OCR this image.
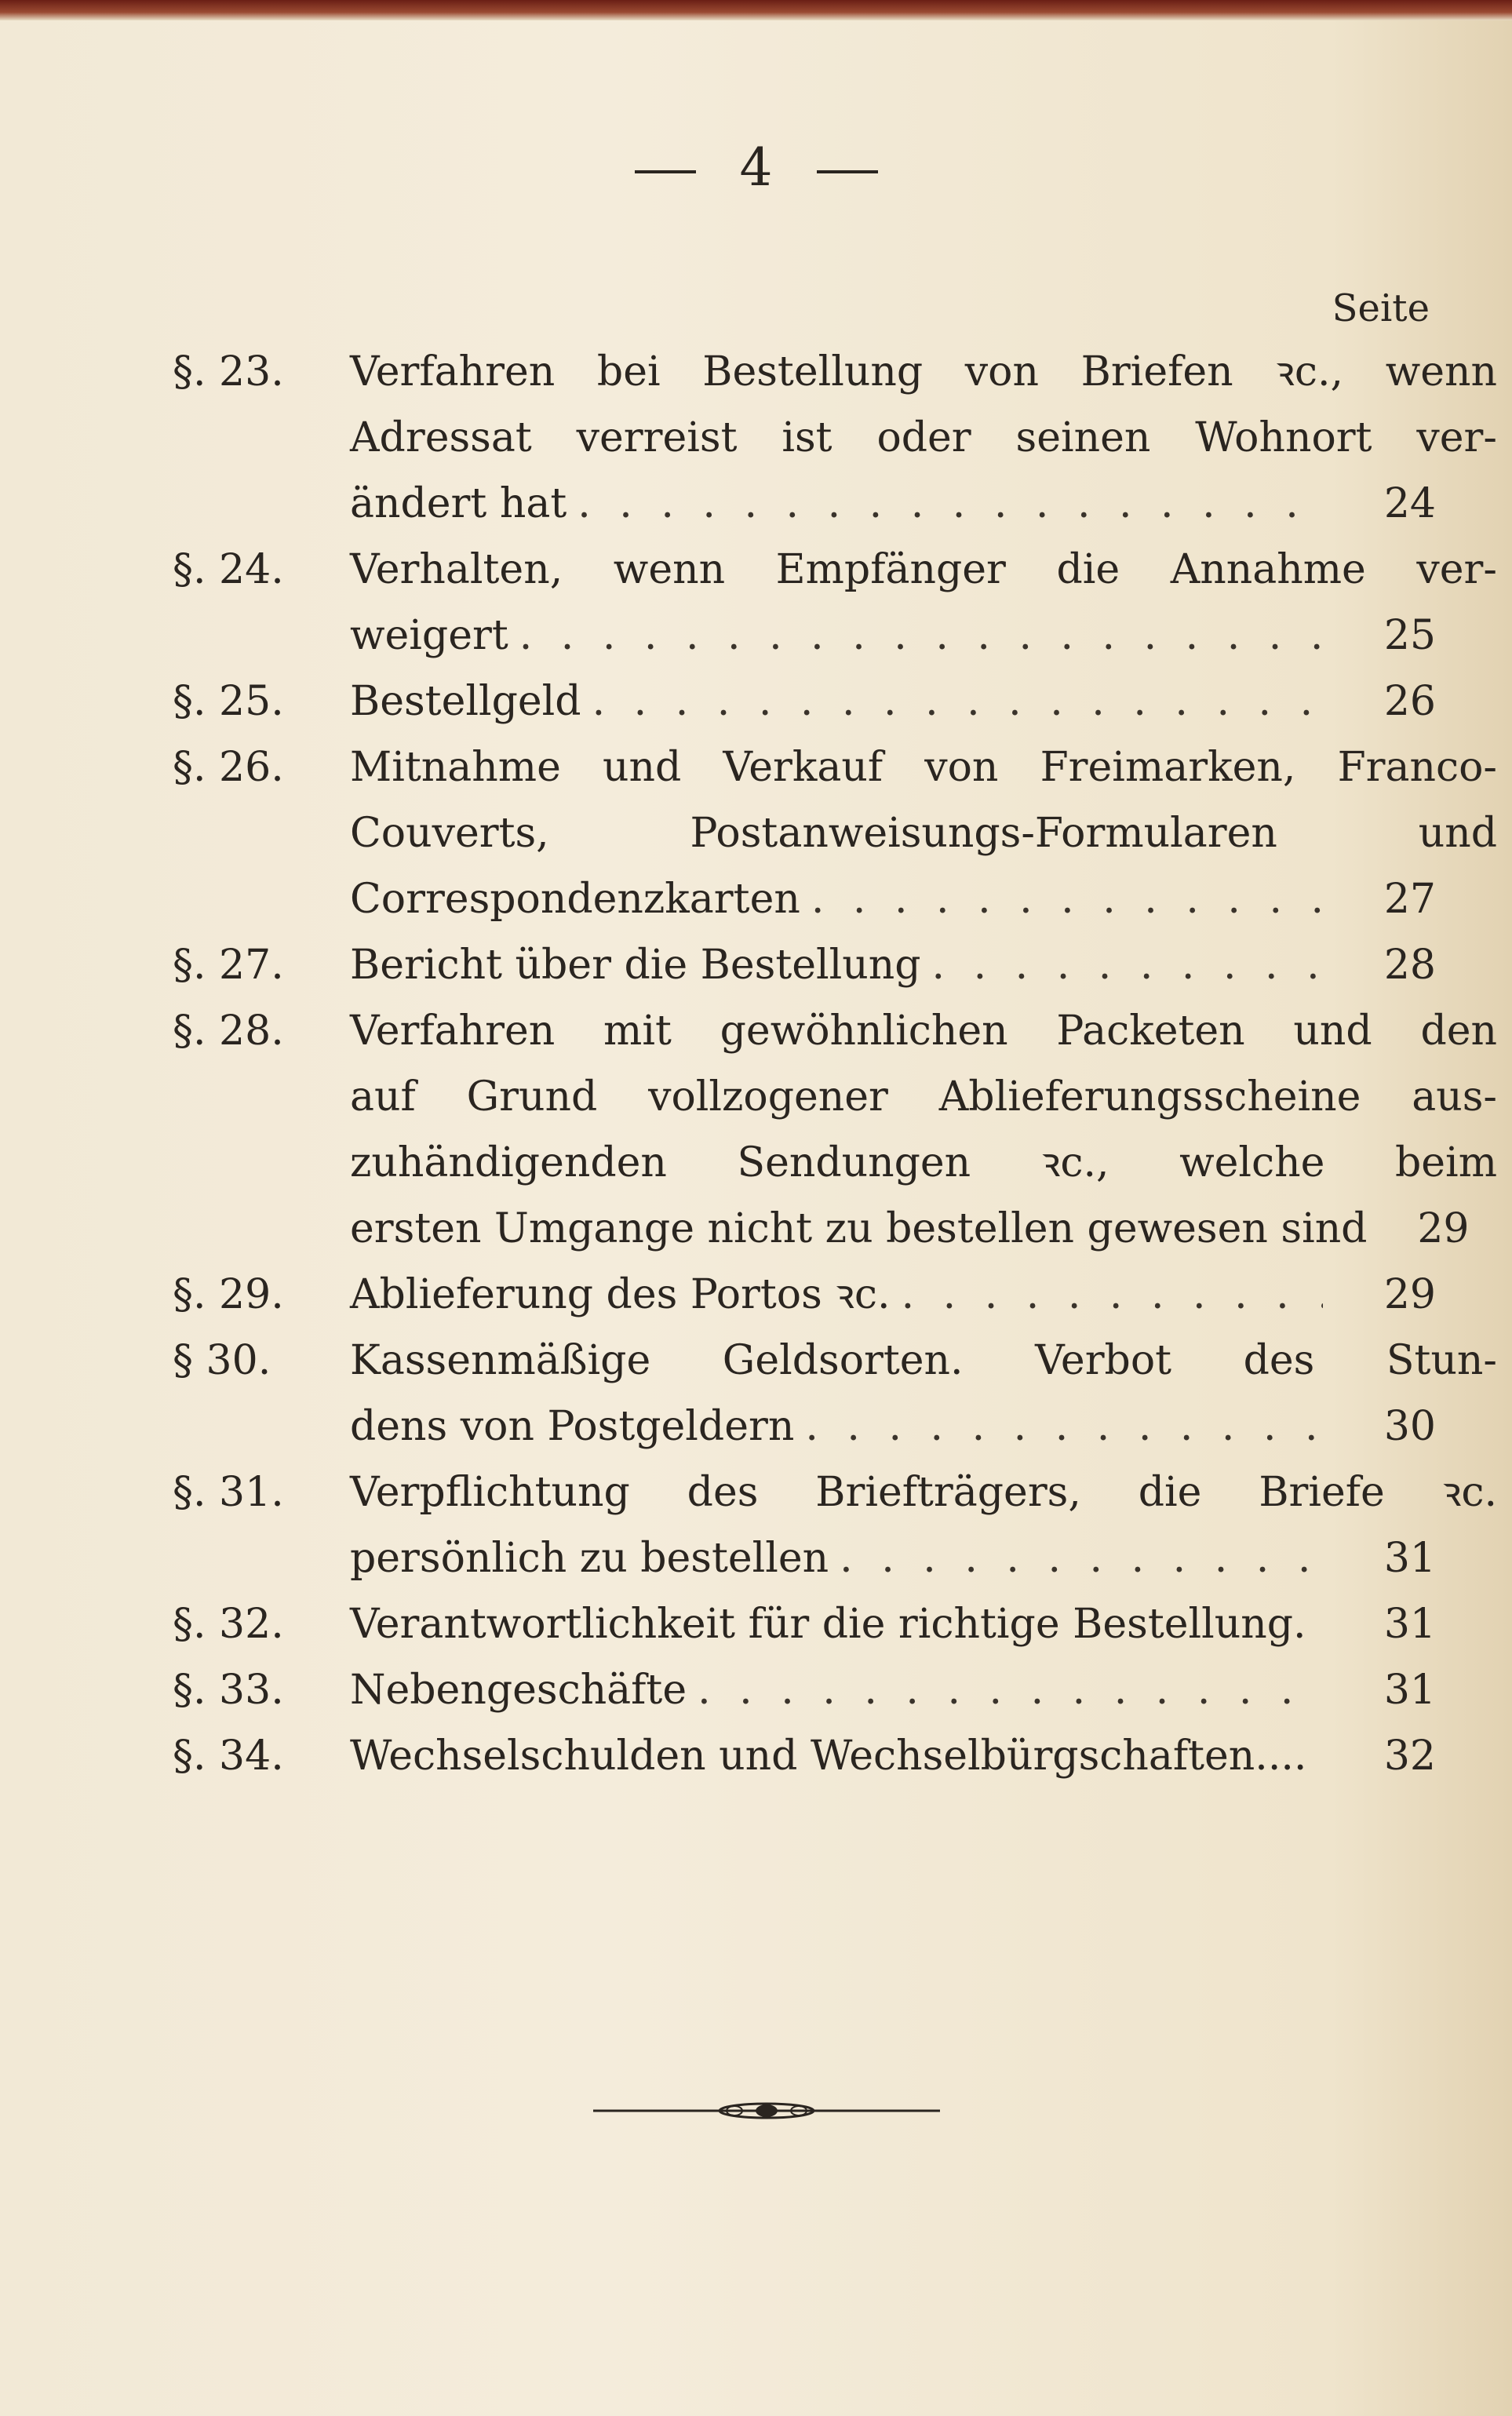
4
Seite
§. 23.	Verfahren bei Bestellung von Briefen ꝛc., wenn
Adressat verreist ist oder seinen Wohnort ver-
ändert hat . . .	24
§. 24.	Verhalten, wenn Empfänger die Annahme ver-
weigert . . .	25
§. 25.	Bestellgeld . . .	26
§. 26.	Mitnahme und Verkauf von Freimarken, Franco-
Couverts, Postanweisungs-Formularen und
Correspondenzkarten . . .	27
§. 27.	Bericht über die Bestellung . . .	28
§. 28.	Verfahren mit gewöhnlichen Packeten und den
auf Grund vollzogener Ablieferungsscheine aus-
zuhändigenden Sendungen ꝛc., welche beim
ersten Umgange nicht zu bestellen gewesen sind	29
§. 29.	Ablieferung des Portos ꝛc. . . .	29
§ 30.	Kassenmäßige Geldsorten. Verbot des Stun-
dens von Postgeldern . . .	30
§. 31.	Verpflichtung des Briefträgers, die Briefe ꝛc.
persönlich zu bestellen . . .	31
§. 32.	Verantwortlichkeit für die richtige Bestellung.	31
§. 33.	Nebengeschäfte . . .	31
§. 34.	Wechselschulden und Wechselbürgschaften....	32
